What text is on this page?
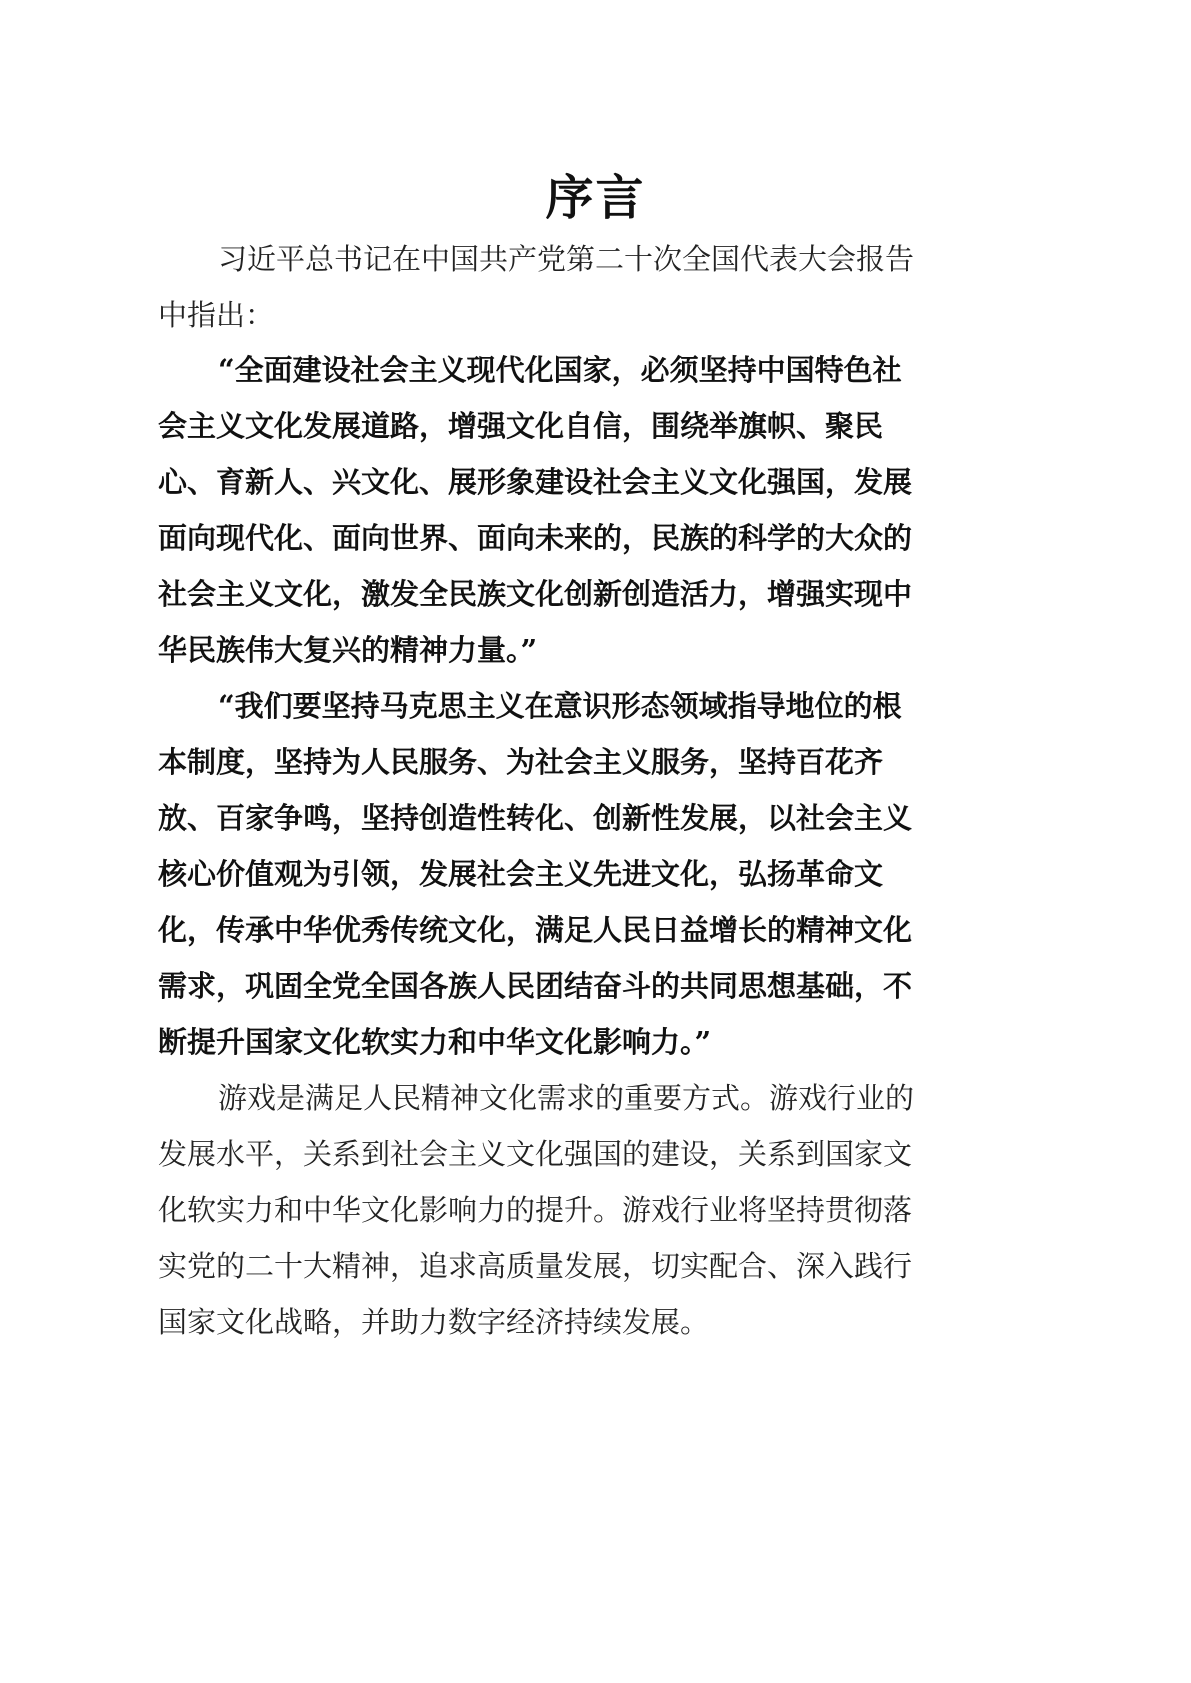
序言
习近平总书记在中国共产党第二十次全国代表大会报告
中指出：
“全面建设社会主义现代化国家，必须坚持中国特色社
会主义文化发展道路，增强文化自信，围绕举旗帜、聚民
心、育新人、兴文化、展形象建设社会主义文化强国，发展
面向现代化、面向世界、面向未来的，民族的科学的大众的
社会主义文化，激发全民族文化创新创造活力，增强实现中
华民族伟大复兴的精神力量。”
“我们要坚持马克思主义在意识形态领域指导地位的根
本制度，坚持为人民服务、为社会主义服务，坚持百花齐
放、百家争鸣，坚持创造性转化、创新性发展，以社会主义
核心价值观为引领，发展社会主义先进文化，弘扬革命文
化，传承中华优秀传统文化，满足人民日益增长的精神文化
需求，巩固全党全国各族人民团结奋斗的共同思想基础，不
断提升国家文化软实力和中华文化影响力。”
游戏是满足人民精神文化需求的重要方式。游戏行业的
发展水平，关系到社会主义文化强国的建设，关系到国家文
化软实力和中华文化影响力的提升。游戏行业将坚持贯彻落
实党的二十大精神，追求高质量发展，切实配合、深入践行
国家文化战略，并助力数字经济持续发展。
